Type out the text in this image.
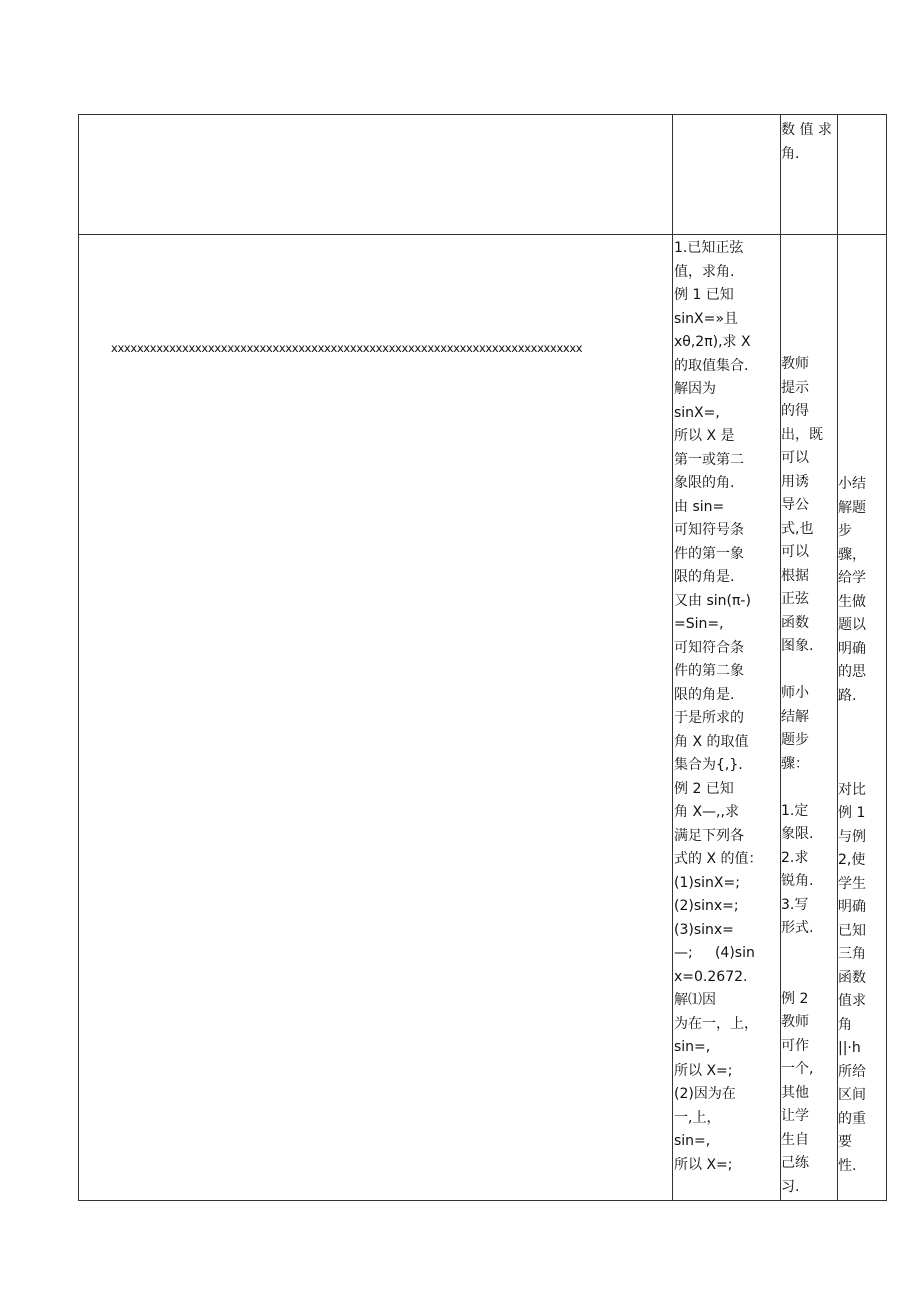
数 值 求
角.
xxxxxxxxxxxxxxxxxxxxxxxxxxxxxxxxxxxxxxxxxxxxxxxxxxxxxxxxxxxxxxxxxxxxxxxxx
1.已知正弦
值，求角.
例 1 已知
sinX=»且
xθ,2π),求 X
的取值集合.
解因为
sinX=,
所以 X 是
第一或第二
象限的角.
由 sin=
可知符号条
件的第一象
限的角是.
又由 sin(π-)
=Sin=,
可知符合条
件的第二象
限的角是.
于是所求的
角 X 的取值
集合为{,}.
例 2 已知
角 X—,,求
满足下列各
式的 X 的值：
(1)sinX=;
(2)sinx=;
(3)sinx=
—;     (4)sin
x=0.2672.
解⑴因
为在一，上，
sin=,
所以 X=;
(2)因为在
一,上，
sin=,
所以 X=;
教师
提示
的得
出，既
可以
用诱
导公
式,也
可以
根据
正弦
函数
图象.

师小
结解
题步
骤：

1.定
象限.
2.求
锐角.
3.写
形式.

例 2
教师
可作
一个,
其他
让学
生自
己练
习.
小结
解题
步
骤，
给学
生做
题以
明确
的思
路.

对比
例 1
与例
2,使
学生
明确
已知
三角
函数
值求
角
||·h
所给
区间
的重
要
性.
